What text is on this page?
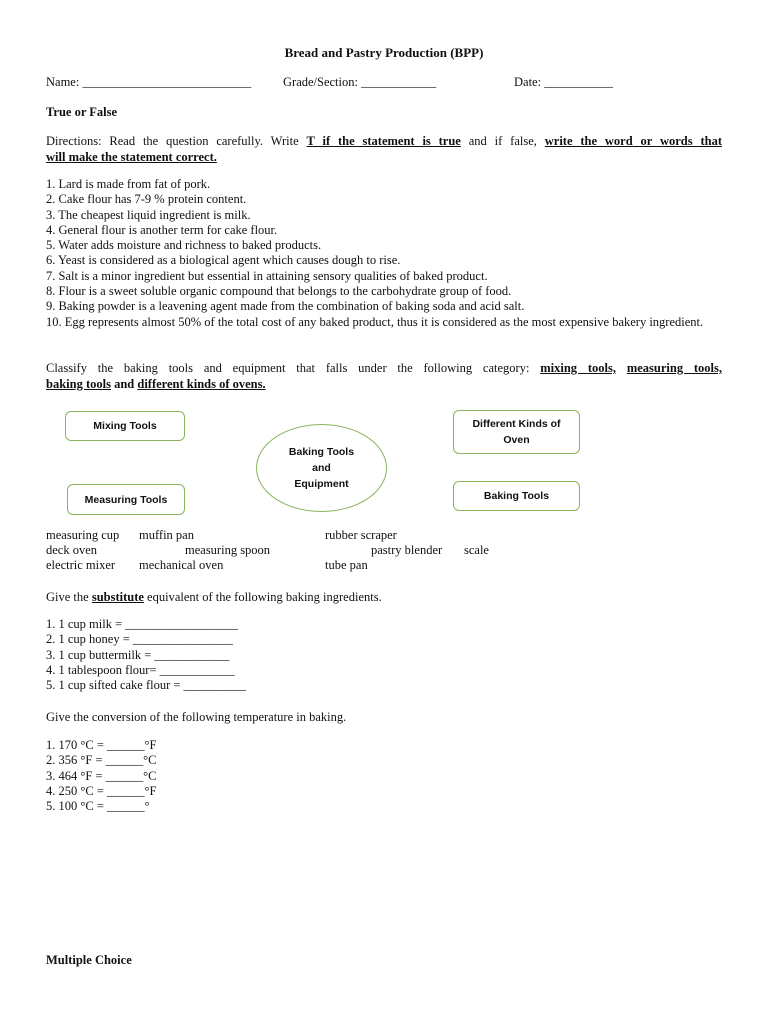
Bread and Pastry Production (BPP)
Name: ___________________________	Grade/Section: ____________	Date: ___________
True or False
Directions: Read the question carefully. Write T if the statement is true and if false, write the word or words that
will make the statement correct.
1. Lard is made from fat of pork.
2. Cake flour has 7-9 % protein content.
3. The cheapest liquid ingredient is milk.
4. General flour is another term for cake flour.
5. Water adds moisture and richness to baked products.
6. Yeast is considered as a biological agent which causes dough to rise.
7. Salt is a minor ingredient but essential in attaining sensory qualities of baked product.
8. Flour is a sweet soluble organic compound that belongs to the carbohydrate group of food.
9. Baking powder is a leavening agent made from the combination of baking soda and acid salt.
10. Egg represents almost 50% of the total cost of any baked product, thus it is considered as the most expensive bakery ingredient.
Classify the baking tools and equipment that falls under the following category: mixing tools, measuring tools,
baking tools and different kinds of ovens.
Mixing Tools
Measuring Tools
Baking Tools
and
Equipment
Different Kinds of
Oven
Baking Tools
measuring cup muffin pan	rubber scraper
deck oven	measuring spoon	pastry blender scale
electric mixer mechanical oven	tube pan
Give the substitute equivalent of the following baking ingredients.
1. 1 cup milk = __________________
2. 1 cup honey = ________________
3. 1 cup buttermilk = ____________
4. 1 tablespoon flour= ____________
5. 1 cup sifted cake flour = __________
Give the conversion of the following temperature in baking.
1. 170 °C = ______°F
2. 356 °F = ______°C
3. 464 °F = ______°C
4. 250 °C = ______°F
5. 100 °C = ______°
Multiple Choice
